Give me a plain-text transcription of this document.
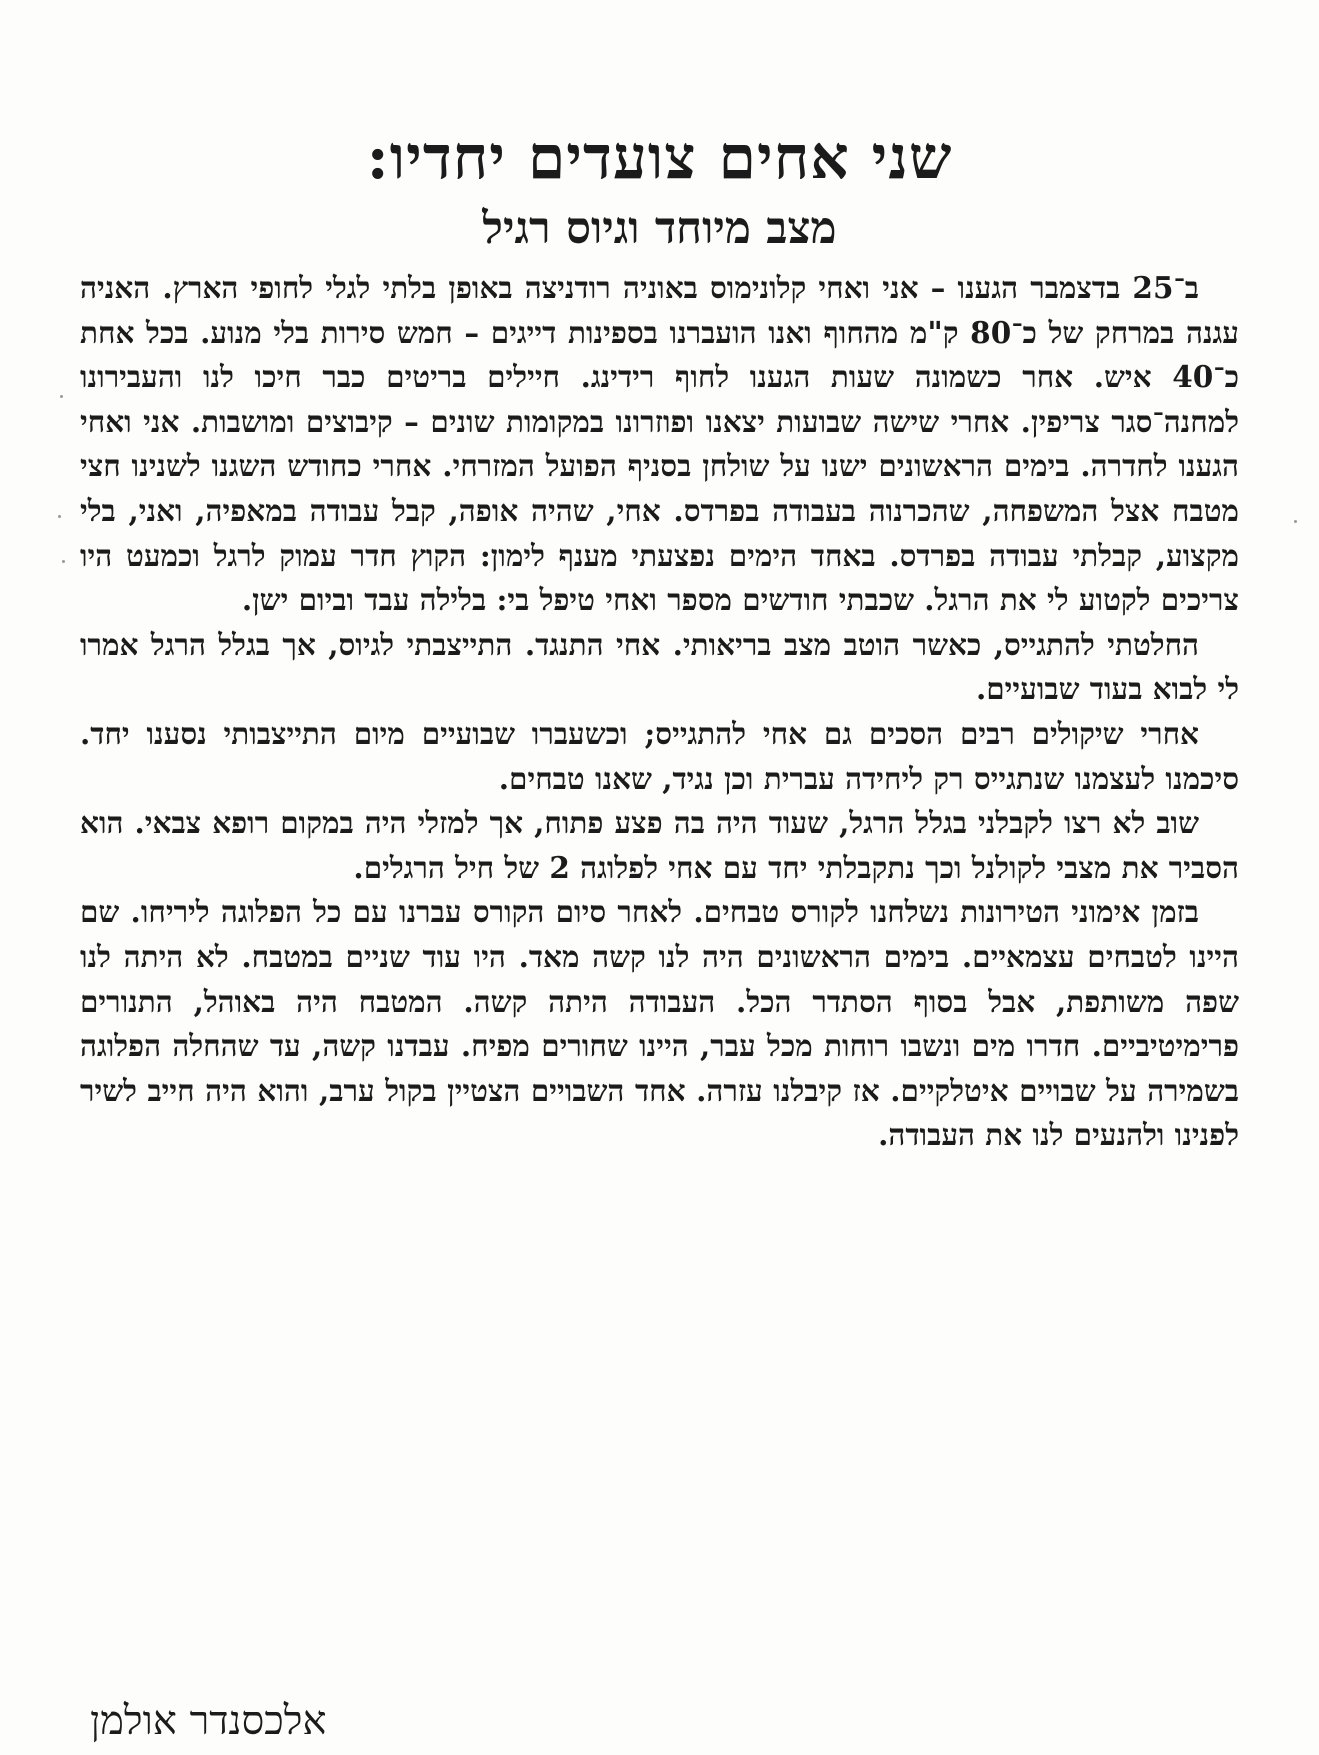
שני אחים צועדים יחדיו:
מצב מיוחד וגיוס רגיל

ב־25 בדצמבר הגענו – אני ואחי קלונימוס באוניה רודניצה באופן בלתי לגלי לחופי הארץ. האניה עגנה במרחק של כ־80 ק"מ מהחוף ואנו הועברנו בספינות דייגים – חמש סירות בלי מנוע. בכל אחת כ־40 איש. אחר כשמונה שעות הגענו לחוף רידינג. חיילים בריטים כבר חיכו לנו והעבירונו למחנה־סגר צריפין. אחרי שישה שבועות יצאנו ופוזרונו במקומות שונים – קיבוצים ומושבות. אני ואחי הגענו לחדרה. בימים הראשונים ישנו על שולחן בסניף הפועל המזרחי. אחרי כחודש השגנו לשנינו חצי מטבח אצל המשפחה, שהכרנוה בעבודה בפרדס. אחי, שהיה אופה, קבל עבודה במאפיה, ואני, בלי מקצוע, קבלתי עבודה בפרדס. באחד הימים נפצעתי מענף לימון: הקוץ חדר עמוק לרגל וכמעט היו צריכים לקטוע לי את הרגל. שכבתי חודשים מספר ואחי טיפל בי: בלילה עבד וביום ישן.

החלטתי להתגייס, כאשר הוטב מצב בריאותי. אחי התנגד. התייצבתי לגיוס, אך בגלל הרגל אמרו לי לבוא בעוד שבועיים.

אחרי שיקולים רבים הסכים גם אחי להתגייס; וכשעברו שבועיים מיום התייצבותי נסענו יחד. סיכמנו לעצמנו שנתגייס רק ליחידה עברית וכן נגיד, שאנו טבחים.

שוב לא רצו לקבלני בגלל הרגל, שעוד היה בה פצע פתוח, אך למזלי היה במקום רופא צבאי. הוא הסביר את מצבי לקולנל וכך נתקבלתי יחד עם אחי לפלוגה 2 של חיל הרגלים.

בזמן אימוני הטירונות נשלחנו לקורס טבחים. לאחר סיום הקורס עברנו עם כל הפלוגה ליריחו. שם היינו לטבחים עצמאיים. בימים הראשונים היה לנו קשה מאד. היו עוד שניים במטבח. לא היתה לנו שפה משותפת, אבל בסוף הסתדר הכל. העבודה היתה קשה. המטבח היה באוהל, התנורים פרימיטיביים. חדרו מים ונשבו רוחות מכל עבר, היינו שחורים מפיח. עבדנו קשה, עד שהחלה הפלוגה בשמירה על שבויים איטלקיים. אז קיבלנו עזרה. אחד השבויים הצטיין בקול ערב, והוא היה חייב לשיר לפנינו ולהנעים לנו את העבודה.

אלכסנדר אולמן
